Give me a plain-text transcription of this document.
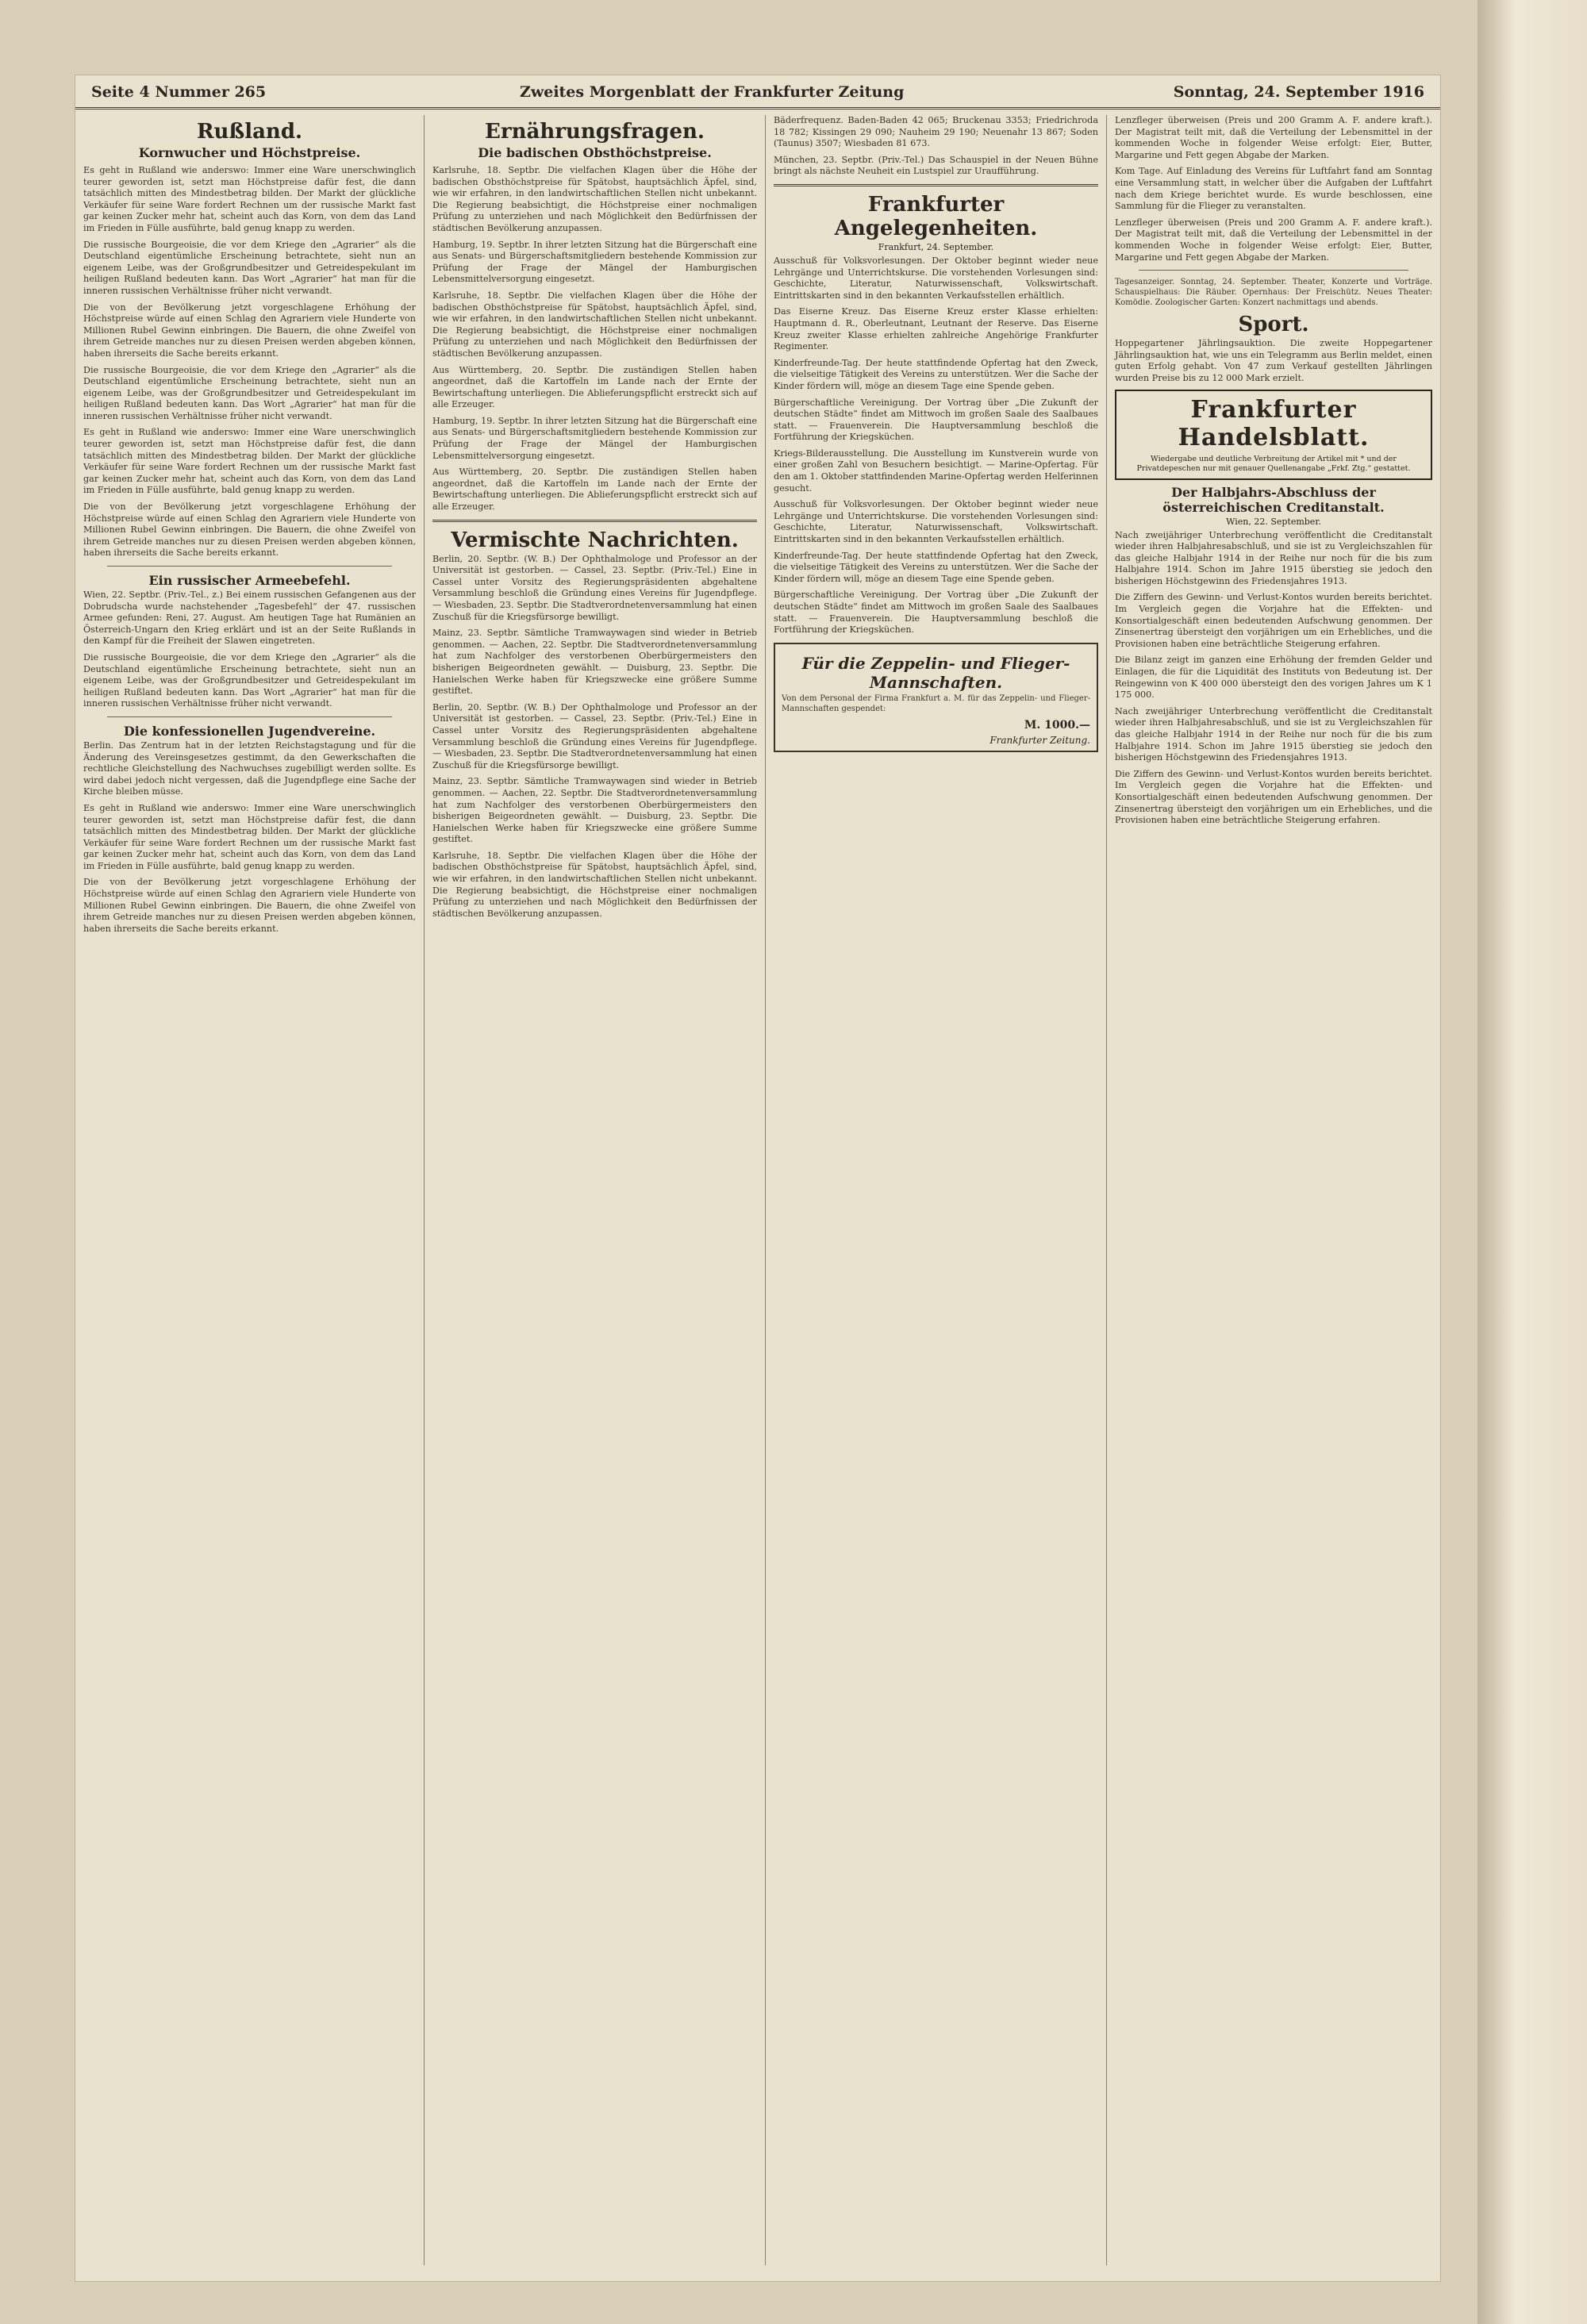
Seite 4 Nummer 265	Zweites Morgenblatt der Frankfurter Zeitung	Sonntag, 24. September 1916
Rußland.
Kornwucher und Höchstpreise.

Es geht in Rußland wie anderswo: Immer eine Ware unerschwinglich teurer geworden ist, setzt man Höchstpreise dafür fest, die dann tatsächlich mitten des Mindestbetrag bilden. Der Markt der glückliche Verkäufer für seine Ware fordert Rechnen um der russische Markt fast gar keinen Zucker mehr hat, scheint auch das Korn, von dem das Land im Frieden in Fülle ausführte, bald genug knapp zu werden.

Die russische Bourgeoisie, die vor dem Kriege den „Agrarier“ als die Deutschland eigentümliche Erscheinung betrachtete, sieht nun an eigenem Leibe, was der Großgrundbesitzer und Getreidespekulant im heiligen Rußland bedeuten kann. Das Wort „Agrarier“ hat man für die inneren russischen Verhältnisse früher nicht verwandt.

Die von der Bevölkerung jetzt vorgeschlagene Erhöhung der Höchstpreise würde auf einen Schlag den Agrariern viele Hunderte von Millionen Rubel Gewinn einbringen. Die Bauern, die ohne Zweifel von ihrem Getreide manches nur zu diesen Preisen werden abgeben können, haben ihrerseits die Sache bereits erkannt.

Die russische Bourgeoisie, die vor dem Kriege den „Agrarier“ als die Deutschland eigentümliche Erscheinung betrachtete, sieht nun an eigenem Leibe, was der Großgrundbesitzer und Getreidespekulant im heiligen Rußland bedeuten kann. Das Wort „Agrarier“ hat man für die inneren russischen Verhältnisse früher nicht verwandt.

Es geht in Rußland wie anderswo: Immer eine Ware unerschwinglich teurer geworden ist, setzt man Höchstpreise dafür fest, die dann tatsächlich mitten des Mindestbetrag bilden. Der Markt der glückliche Verkäufer für seine Ware fordert Rechnen um der russische Markt fast gar keinen Zucker mehr hat, scheint auch das Korn, von dem das Land im Frieden in Fülle ausführte, bald genug knapp zu werden.

Die von der Bevölkerung jetzt vorgeschlagene Erhöhung der Höchstpreise würde auf einen Schlag den Agrariern viele Hunderte von Millionen Rubel Gewinn einbringen. Die Bauern, die ohne Zweifel von ihrem Getreide manches nur zu diesen Preisen werden abgeben können, haben ihrerseits die Sache bereits erkannt.

Ein russischer Armeebefehl.

Wien, 22. Septbr. (Priv.-Tel., z.) Bei einem russischen Gefangenen aus der Dobrudscha wurde nachstehender „Tagesbefehl“ der 47. russischen Armee gefunden: Reni, 27. August. Am heutigen Tage hat Rumänien an Österreich-Ungarn den Krieg erklärt und ist an der Seite Rußlands in den Kampf für die Freiheit der Slawen eingetreten.

Die russische Bourgeoisie, die vor dem Kriege den „Agrarier“ als die Deutschland eigentümliche Erscheinung betrachtete, sieht nun an eigenem Leibe, was der Großgrundbesitzer und Getreidespekulant im heiligen Rußland bedeuten kann. Das Wort „Agrarier“ hat man für die inneren russischen Verhältnisse früher nicht verwandt.

Die konfessionellen Jugendvereine.

Berlin. Das Zentrum hat in der letzten Reichstagstagung und für die Änderung des Vereinsgesetzes gestimmt, da den Gewerkschaften die rechtliche Gleichstellung des Nachwuchses zugebilligt werden sollte. Es wird dabei jedoch nicht vergessen, daß die Jugendpflege eine Sache der Kirche bleiben müsse.

Es geht in Rußland wie anderswo: Immer eine Ware unerschwinglich teurer geworden ist, setzt man Höchstpreise dafür fest, die dann tatsächlich mitten des Mindestbetrag bilden. Der Markt der glückliche Verkäufer für seine Ware fordert Rechnen um der russische Markt fast gar keinen Zucker mehr hat, scheint auch das Korn, von dem das Land im Frieden in Fülle ausführte, bald genug knapp zu werden.

Die von der Bevölkerung jetzt vorgeschlagene Erhöhung der Höchstpreise würde auf einen Schlag den Agrariern viele Hunderte von Millionen Rubel Gewinn einbringen. Die Bauern, die ohne Zweifel von ihrem Getreide manches nur zu diesen Preisen werden abgeben können, haben ihrerseits die Sache bereits erkannt.

Ernährungsfragen.
Die badischen Obsthöchstpreise.

Karlsruhe, 18. Septbr. Die vielfachen Klagen über die Höhe der badischen Obsthöchstpreise für Spätobst, hauptsächlich Äpfel, sind, wie wir erfahren, in den landwirtschaftlichen Stellen nicht unbekannt. Die Regierung beabsichtigt, die Höchstpreise einer nochmaligen Prüfung zu unterziehen und nach Möglichkeit den Bedürfnissen der städtischen Bevölkerung anzupassen.

Hamburg, 19. Septbr. In ihrer letzten Sitzung hat die Bürgerschaft eine aus Senats- und Bürgerschaftsmitgliedern bestehende Kommission zur Prüfung der Frage der Mängel der Hamburgischen Lebensmittelversorgung eingesetzt.

Karlsruhe, 18. Septbr. Die vielfachen Klagen über die Höhe der badischen Obsthöchstpreise für Spätobst, hauptsächlich Äpfel, sind, wie wir erfahren, in den landwirtschaftlichen Stellen nicht unbekannt. Die Regierung beabsichtigt, die Höchstpreise einer nochmaligen Prüfung zu unterziehen und nach Möglichkeit den Bedürfnissen der städtischen Bevölkerung anzupassen.

Aus Württemberg, 20. Septbr. Die zuständigen Stellen haben angeordnet, daß die Kartoffeln im Lande nach der Ernte der Bewirtschaftung unterliegen. Die Ablieferungspflicht erstreckt sich auf alle Erzeuger.

Hamburg, 19. Septbr. In ihrer letzten Sitzung hat die Bürgerschaft eine aus Senats- und Bürgerschaftsmitgliedern bestehende Kommission zur Prüfung der Frage der Mängel der Hamburgischen Lebensmittelversorgung eingesetzt.

Aus Württemberg, 20. Septbr. Die zuständigen Stellen haben angeordnet, daß die Kartoffeln im Lande nach der Ernte der Bewirtschaftung unterliegen. Die Ablieferungspflicht erstreckt sich auf alle Erzeuger.

Vermischte Nachrichten.

Berlin, 20. Septbr. (W. B.) Der Ophthalmologe und Professor an der Universität ist gestorben. — Cassel, 23. Septbr. (Priv.-Tel.) Eine in Cassel unter Vorsitz des Regierungspräsidenten abgehaltene Versammlung beschloß die Gründung eines Vereins für Jugendpflege. — Wiesbaden, 23. Septbr. Die Stadtverordnetenversammlung hat einen Zuschuß für die Kriegsfürsorge bewilligt.

Mainz, 23. Septbr. Sämtliche Tramwaywagen sind wieder in Betrieb genommen. — Aachen, 22. Septbr. Die Stadtverordnetenversammlung hat zum Nachfolger des verstorbenen Oberbürgermeisters den bisherigen Beigeordneten gewählt. — Duisburg, 23. Septbr. Die Hanielschen Werke haben für Kriegszwecke eine größere Summe gestiftet.

Berlin, 20. Septbr. (W. B.) Der Ophthalmologe und Professor an der Universität ist gestorben. — Cassel, 23. Septbr. (Priv.-Tel.) Eine in Cassel unter Vorsitz des Regierungspräsidenten abgehaltene Versammlung beschloß die Gründung eines Vereins für Jugendpflege. — Wiesbaden, 23. Septbr. Die Stadtverordnetenversammlung hat einen Zuschuß für die Kriegsfürsorge bewilligt.

Mainz, 23. Septbr. Sämtliche Tramwaywagen sind wieder in Betrieb genommen. — Aachen, 22. Septbr. Die Stadtverordnetenversammlung hat zum Nachfolger des verstorbenen Oberbürgermeisters den bisherigen Beigeordneten gewählt. — Duisburg, 23. Septbr. Die Hanielschen Werke haben für Kriegszwecke eine größere Summe gestiftet.

Karlsruhe, 18. Septbr. Die vielfachen Klagen über die Höhe der badischen Obsthöchstpreise für Spätobst, hauptsächlich Äpfel, sind, wie wir erfahren, in den landwirtschaftlichen Stellen nicht unbekannt. Die Regierung beabsichtigt, die Höchstpreise einer nochmaligen Prüfung zu unterziehen und nach Möglichkeit den Bedürfnissen der städtischen Bevölkerung anzupassen.

Bäderfrequenz. Baden-Baden 42 065; Bruckenau 3353; Friedrichroda 18 782; Kissingen 29 090; Nauheim 29 190; Neuenahr 13 867; Soden (Taunus) 3507; Wiesbaden 81 673.

München, 23. Septbr. (Priv.-Tel.) Das Schauspiel in der Neuen Bühne bringt als nächste Neuheit ein Lustspiel zur Uraufführung.

Frankfurter Angelegenheiten.
Frankfurt, 24. September.

Ausschuß für Volksvorlesungen. Der Oktober beginnt wieder neue Lehrgänge und Unterrichtskurse. Die vorstehenden Vorlesungen sind: Geschichte, Literatur, Naturwissenschaft, Volkswirtschaft. Eintrittskarten sind in den bekannten Verkaufsstellen erhältlich.

Das Eiserne Kreuz. Das Eiserne Kreuz erster Klasse erhielten: Hauptmann d. R., Oberleutnant, Leutnant der Reserve. Das Eiserne Kreuz zweiter Klasse erhielten zahlreiche Angehörige Frankfurter Regimenter.

Kinderfreunde-Tag. Der heute stattfindende Opfertag hat den Zweck, die vielseitige Tätigkeit des Vereins zu unterstützen. Wer die Sache der Kinder fördern will, möge an diesem Tage eine Spende geben.

Bürgerschaftliche Vereinigung. Der Vortrag über „Die Zukunft der deutschen Städte“ findet am Mittwoch im großen Saale des Saalbaues statt. — Frauenverein. Die Hauptversammlung beschloß die Fortführung der Kriegsküchen.

Kriegs-Bilderausstellung. Die Ausstellung im Kunstverein wurde von einer großen Zahl von Besuchern besichtigt. — Marine-Opfertag. Für den am 1. Oktober stattfindenden Marine-Opfertag werden Helferinnen gesucht.

Ausschuß für Volksvorlesungen. Der Oktober beginnt wieder neue Lehrgänge und Unterrichtskurse. Die vorstehenden Vorlesungen sind: Geschichte, Literatur, Naturwissenschaft, Volkswirtschaft. Eintrittskarten sind in den bekannten Verkaufsstellen erhältlich.

Kinderfreunde-Tag. Der heute stattfindende Opfertag hat den Zweck, die vielseitige Tätigkeit des Vereins zu unterstützen. Wer die Sache der Kinder fördern will, möge an diesem Tage eine Spende geben.

Bürgerschaftliche Vereinigung. Der Vortrag über „Die Zukunft der deutschen Städte“ findet am Mittwoch im großen Saale des Saalbaues statt. — Frauenverein. Die Hauptversammlung beschloß die Fortführung der Kriegsküchen.

Für die Zeppelin- und Flieger-Mannschaften.

Von dem Personal der Firma Frankfurt a. M. für das Zeppelin- und Flieger-Mannschaften gespendet:

M. 1000.—
Frankfurter Zeitung.

Lenzfleger überweisen (Preis und 200 Gramm A. F. andere kraft.). Der Magistrat teilt mit, daß die Verteilung der Lebensmittel in der kommenden Woche in folgender Weise erfolgt: Eier, Butter, Margarine und Fett gegen Abgabe der Marken.

Kom Tage. Auf Einladung des Vereins für Luftfahrt fand am Sonntag eine Versammlung statt, in welcher über die Aufgaben der Luftfahrt nach dem Kriege berichtet wurde. Es wurde beschlossen, eine Sammlung für die Flieger zu veranstalten.

Lenzfleger überweisen (Preis und 200 Gramm A. F. andere kraft.). Der Magistrat teilt mit, daß die Verteilung der Lebensmittel in der kommenden Woche in folgender Weise erfolgt: Eier, Butter, Margarine und Fett gegen Abgabe der Marken.

Tagesanzeiger. Sonntag, 24. September. Theater, Konzerte und Vorträge. Schauspielhaus: Die Räuber. Opernhaus: Der Freischütz. Neues Theater: Komödie. Zoologischer Garten: Konzert nachmittags und abends.

Sport.

Hoppegartener Jährlingsauktion. Die zweite Hoppegartener Jährlingsauktion hat, wie uns ein Telegramm aus Berlin meldet, einen guten Erfolg gehabt. Von 47 zum Verkauf gestellten Jährlingen wurden Preise bis zu 12 000 Mark erzielt.

Frankfurter Handelsblatt.
Wiedergabe und deutliche Verbreitung der Artikel mit * und der Privatdepeschen nur mit genauer Quellenangabe „Frkf. Ztg.“ gestattet.
Der Halbjahrs-Abschluss der österreichischen Creditanstalt.
Wien, 22. September.

Nach zweijähriger Unterbrechung veröffentlicht die Creditanstalt wieder ihren Halbjahresabschluß, und sie ist zu Vergleichszahlen für das gleiche Halbjahr 1914 in der Reihe nur noch für die bis zum Halbjahre 1914. Schon im Jahre 1915 überstieg sie jedoch den bisherigen Höchstgewinn des Friedensjahres 1913.

Die Ziffern des Gewinn- und Verlust-Kontos wurden bereits berichtet. Im Vergleich gegen die Vorjahre hat die Effekten- und Konsortialgeschäft einen bedeutenden Aufschwung genommen. Der Zinsenertrag übersteigt den vorjährigen um ein Erhebliches, und die Provisionen haben eine beträchtliche Steigerung erfahren.

Die Bilanz zeigt im ganzen eine Erhöhung der fremden Gelder und Einlagen, die für die Liquidität des Instituts von Bedeutung ist. Der Reingewinn von K 400 000 übersteigt den des vorigen Jahres um K 1 175 000.

Nach zweijähriger Unterbrechung veröffentlicht die Creditanstalt wieder ihren Halbjahresabschluß, und sie ist zu Vergleichszahlen für das gleiche Halbjahr 1914 in der Reihe nur noch für die bis zum Halbjahre 1914. Schon im Jahre 1915 überstieg sie jedoch den bisherigen Höchstgewinn des Friedensjahres 1913.

Die Ziffern des Gewinn- und Verlust-Kontos wurden bereits berichtet. Im Vergleich gegen die Vorjahre hat die Effekten- und Konsortialgeschäft einen bedeutenden Aufschwung genommen. Der Zinsenertrag übersteigt den vorjährigen um ein Erhebliches, und die Provisionen haben eine beträchtliche Steigerung erfahren.
